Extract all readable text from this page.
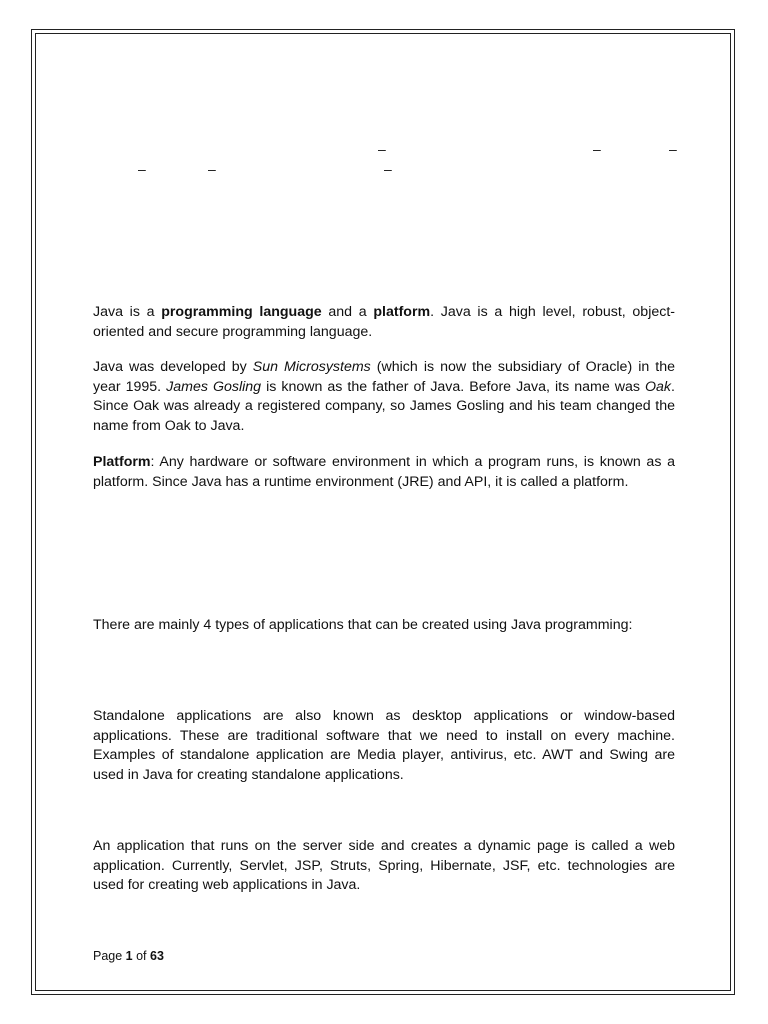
–	–	–
–	–	–

Java is a programming language and a platform. Java is a high level, robust, object-oriented and secure programming language.

Java was developed by Sun Microsystems (which is now the subsidiary of Oracle) in the year 1995. James Gosling is known as the father of Java. Before Java, its name was Oak. Since Oak was already a registered company, so James Gosling and his team changed the name from Oak to Java.

Platform: Any hardware or software environment in which a program runs, is known as a platform. Since Java has a runtime environment (JRE) and API, it is called a platform.

There are mainly 4 types of applications that can be created using Java programming:

Standalone applications are also known as desktop applications or window-based applications. These are traditional software that we need to install on every machine. Examples of standalone application are Media player, antivirus, etc. AWT and Swing are used in Java for creating standalone applications.

An application that runs on the server side and creates a dynamic page is called a web application. Currently, Servlet, JSP, Struts, Spring, Hibernate, JSF, etc. technologies are used for creating web applications in Java.

Page 1 of 63
